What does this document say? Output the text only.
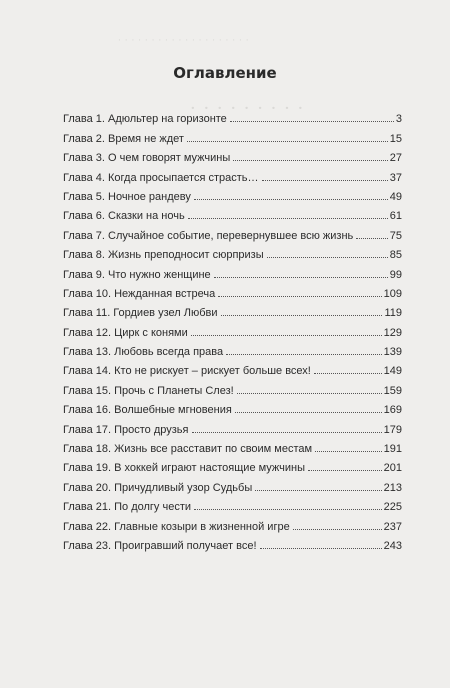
· · · · · · · · · · · · · · · · · · · ·
· · · · · · · · ·
Оглавление
Глава 1. Адюльтер на горизонте	3
Глава 2. Время не ждет	15
Глава 3. О чем говорят мужчины	27
Глава 4. Когда просыпается страсть…	37
Глава 5. Ночное рандеву	49
Глава 6. Сказки на ночь	61
Глава 7. Случайное событие, перевернувшее всю жизнь	75
Глава 8. Жизнь преподносит сюрпризы	85
Глава 9. Что нужно женщине	99
Глава 10. Нежданная встреча	109
Глава 11. Гордиев узел Любви	119
Глава 12. Цирк с конями	129
Глава 13. Любовь всегда права	139
Глава 14. Кто не рискует – рискует больше всех!	149
Глава 15. Прочь с Планеты Слез!	159
Глава 16. Волшебные мгновения	169
Глава 17. Просто друзья	179
Глава 18. Жизнь все расставит по своим местам	191
Глава 19. В хоккей играют настоящие мужчины	201
Глава 20. Причудливый узор Судьбы	213
Глава 21. По долгу чести	225
Глава 22. Главные козыри в жизненной игре	237
Глава 23. Проигравший получает все!	243
